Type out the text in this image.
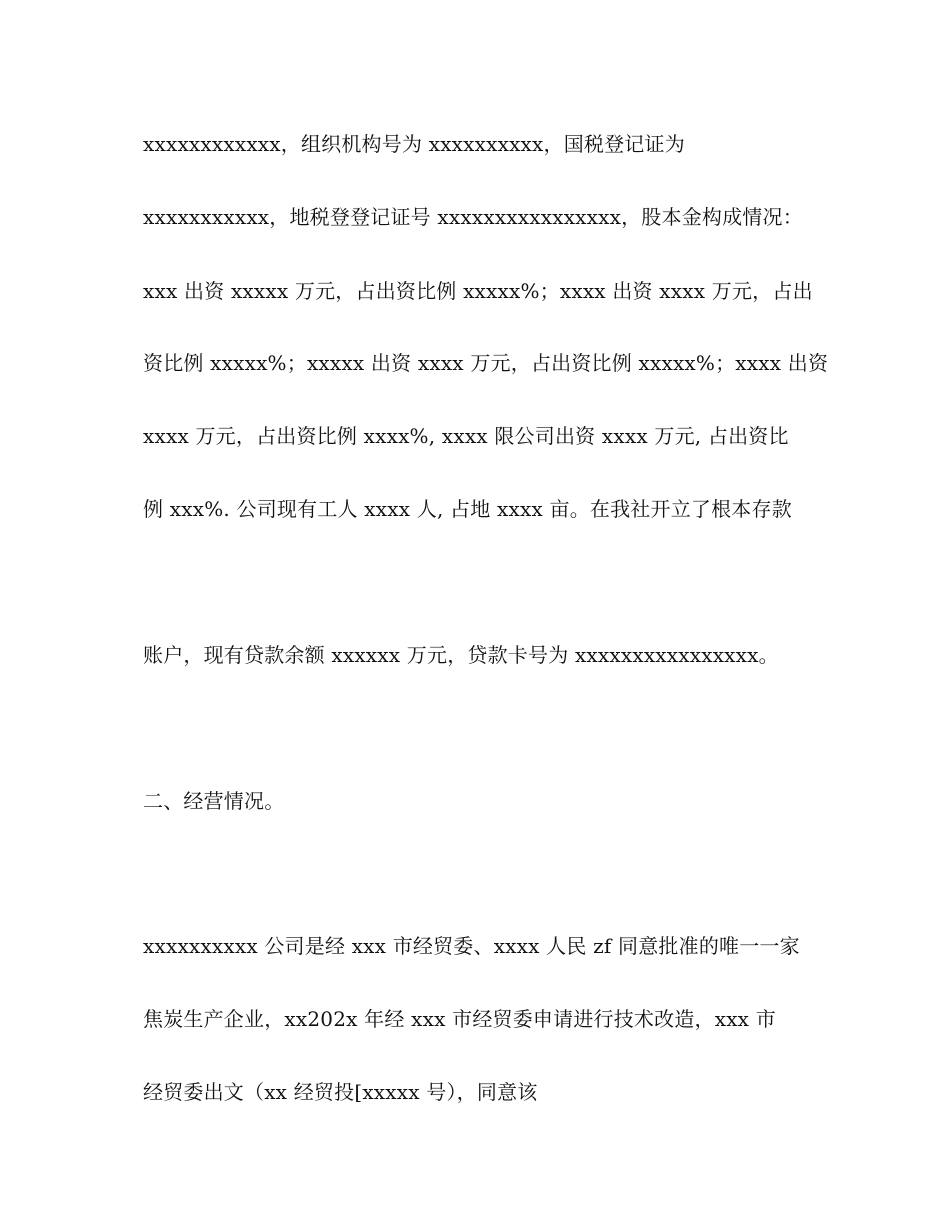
xxxxxxxxxxxx，组织机构号为 xxxxxxxxxx，国税登记证为
xxxxxxxxxxx，地税登登记证号 xxxxxxxxxxxxxxxx，股本金构成情况：
xxx 出资 xxxxx 万元，占出资比例 xxxxx%；xxxx 出资 xxxx 万元，占出
资比例 xxxxx%；xxxxx 出资 xxxx 万元，占出资比例 xxxxx%；xxxx 出资
xxxx 万元，占出资比例 xxxx%, xxxx 限公司出资 xxxx 万元, 占出资比
例 xxx%. 公司现有工人 xxxx 人, 占地 xxxx 亩。在我社开立了根本存款
账户，现有贷款余额 xxxxxx 万元，贷款卡号为 xxxxxxxxxxxxxxxx。
二、经营情况。
xxxxxxxxxx 公司是经 xxx 市经贸委、xxxx 人民 zf 同意批准的唯一一家
焦炭生产企业，xx202x 年经 xxx 市经贸委申请进行技术改造，xxx 市
经贸委出文（xx 经贸投[xxxxx 号），同意该
